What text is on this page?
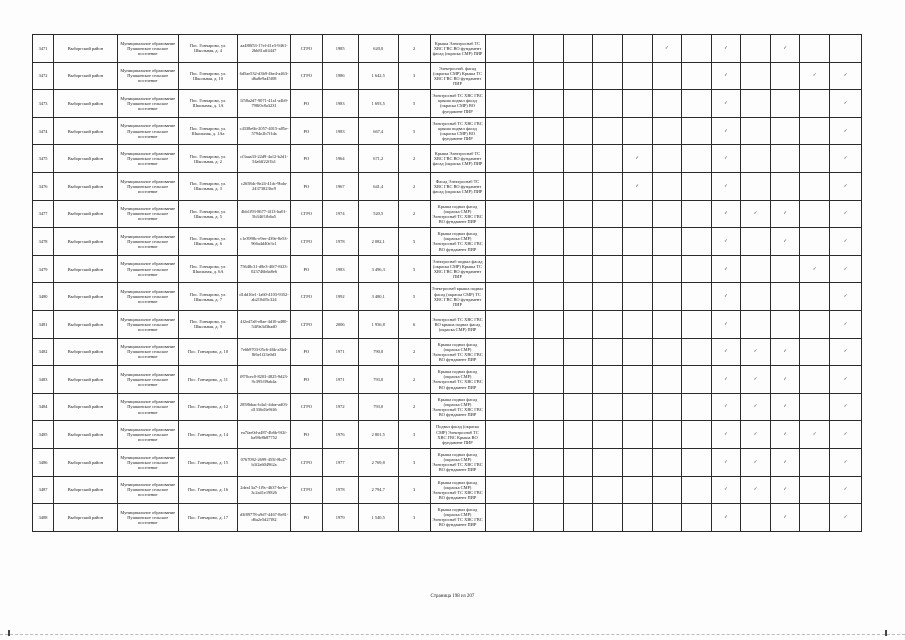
3471	Выборгский район	Муниципальное образование Пушкинское сельское поселение	Пос. Гончарово, ул. Школьная, д. 4	aa488f53-17ef-41e3-9461-2bb81aff4447	СГРО	1985	620,0	2	Крыша Электроснаб ТС ХВС ГВС ВО фундамент фасад (окраска СМР) ПИР						✓		✓		✓		
3472	Выборгский район	Муниципальное образование Пушкинское сельское поселение	Пос. Гончарово, ул. Школьная, д. 10	6d5ae532-d3b9-4be4-a463-d6a8e9a45f08	СГРО	1986	1 642,5	3	Электроснаб. фасад (окраска СМР) Крыша ТС ХВС ГВС ВО фундамент ПИР								✓			✓	✓
3473	Выборгский район	Муниципальное образование Пушкинское сельское поселение	Пос. Гончарово, ул. Школьная, д. 1А	1f58a2d7-9071-41a1-a4b9-798f0c8a3231	РО	1983	1 693,5	5	Электроснаб ТС ХВС ГВС крыша подвал фасад (окраска СМР) ВО фундамент ПИР								✓				✓
3474	Выборгский район	Муниципальное образование Пушкинское сельское поселение	Пос. Гончарово, ул. Школьная, д. 1Аа	c4338e6b-2057-4015-a85e-5794e2b7f1da	РО	1983	667,4	5	Электроснаб ТС ХВС ГВС крыша подвал фасад (окраска СМР) ВО фундамент ПИР								✓				✓
3475	Выборгский район	Муниципальное образование Пушкинское сельское поселение	Пос. Гончарово, ул. Школьная, д. 2	cf3aaa33-22d9-4a12-b2d1-54a6ff22f1b1	РО	1964	671,2	2	Крыша Электроснаб ТС ХВС ГВС ВО фундамент фасад (окраска СМР) ПИР					✓			✓				✓
3476	Выборгский район	Муниципальное образование Пушкинское сельское поселение	Пос. Гончарово, ул. Школьная, д. 3	c2658dc-8e24-41dc-9bda-24373823bc9	РО	1967	641,4	2	Фасад Электроснаб ТС ХВС ГВС ВО фундамент фасад (окраска СМР) ПИР					✓			✓				✓
3477	Выборгский район	Муниципальное образование Пушкинское сельское поселение	Пос. Гончарово, ул. Школьная, д. 5	4bb1f93-8677-4f13-ba01-5b34ff1fb6a5	СГРО	1974	520,5	2	Крыша подвал фасад (окраска СМР) Электроснаб ТС ХВС ГВС ВО фундамент ПИР								✓	✓	✓		✓
3478	Выборгский район	Муниципальное образование Пушкинское сельское поселение	Пос. Гончарово, ул. Школьная, д. 6	c1e3998c-e9ee-439e-8e53-966a4d40e3c1	СГРО	1978	2 082,1	5	Крыша подвал фасад (окраска СМР) Электроснаб ТС ХВС ГВС ВО фундамент ПИР								✓		✓		✓
3479	Выборгский район	Муниципальное образование Пушкинское сельское поселение	Пос. Гончарово, ул. Школьная, д. 6А	75648c31-d8e3-40f7-8f23-023746b6a8e6	РО	1983	3 496,3	5	Электроснаб подвал фасад (окраска СМР) Крыша ТС ХВС ГВС ВО фундамент ПИР								✓			✓	✓
3480	Выборгский район	Муниципальное образование Пушкинское сельское поселение	Пос. Гончарово, ул. Школьная, д. 7	d1dd16e1-1a60-4103-9352-ab210df5c324	СГРО	1992	3 480,1	5	Электроснаб крыша подвал фасад (окраска СМР) ТС ХВС ГВС ВО фундамент ПИР								✓				✓
3481	Выборгский район	Муниципальное образование Пушкинское сельское поселение	Пос. Гончарово, ул. Школьная, д. 9	4f2ed7a8-e8ae-4d10-a480-54f9a3d3bad0	СГРО	2006	1 956,8	6	Электроснаб ТС ХВС ГВС ВО крыша подвал фасад (окраска СМР) ПИР								✓				✓
3482	Выборгский район	Муниципальное образование Пушкинское сельское поселение	Пос. Гончарово, д. 10	7e6b9703-05c6-46b-a3b4-8f6e1f23e0d3	РО	1971	790,0	2	Крыша подвал фасад (окраска СМР) Электроснаб ТС ХВС ГВС ВО фундамент ПИР								✓	✓	✓		✓
3483	Выборгский район	Муниципальное образование Пушкинское сельское поселение	Пос. Гончарово, д. 11	f870cec0-8203-4825-9d23-9c395f39ab4a	РО	1971	793,0	2	Крыша подвал фасад (окраска СМР) Электроснаб ТС ХВС ГВС ВО фундамент ПИР								✓	✓	✓		✓
3484	Выборгский район	Муниципальное образование Пушкинское сельское поселение	Пос. Гончарово, д. 12	2858bbac-b4a1-4dae-ad03-d1336d3e9f46	СГРО	1972	793,0	2	Крыша подвал фасад (окраска СМР) Электроснаб ТС ХВС ГВС ВО фундамент ПИР								✓	✓	✓		✓
3485	Выборгский район	Муниципальное образование Пушкинское сельское поселение	Пос. Гончарово, д. 14	ea7fae0d-a487-4b6b-9f2f-ba98e8b87752	РО	1976	2 801,5	3	Подвал фасад (окраска СМР) Электроснаб ТС ХВС ГВС Крыша ВО фундамент ПИР								✓	✓	✓	✓	✓
3486	Выборгский район	Муниципальное образование Пушкинское сельское поселение	Пос. Гончарово, д. 15	0767092-2699-455f-8b47-b3f2a604962a	СГРО	1977	2 769,8	3	Крыша подвал фасад (окраска СМР) Электроснаб ТС ХВС ГВС ВО фундамент ПИР								✓	✓	✓		✓
3487	Выборгский район	Муниципальное образование Пушкинское сельское поселение	Пос. Гончарово, д. 16	2dea13a7-1f9c-4637-be3e-3c2a41e19826	СГРО	1978	2 794,7	3	Крыша подвал фасад (окраска СМР) Электроснаб ТС ХВС ГВС ВО фундамент ПИР								✓	✓	✓		✓
3488	Выборгский район	Муниципальное образование Пушкинское сельское поселение	Пос. Гончарово, д. 17	d3f89778-a9d7-4467-8e81-d6a2e5d27f82	РО	1979	1 540,5	3	Крыша подвал фасад (окраска СМР) Электроснаб ТС ХВС ГВС ВО фундамент ПИР								✓		✓		✓
Страница 198 из 207
